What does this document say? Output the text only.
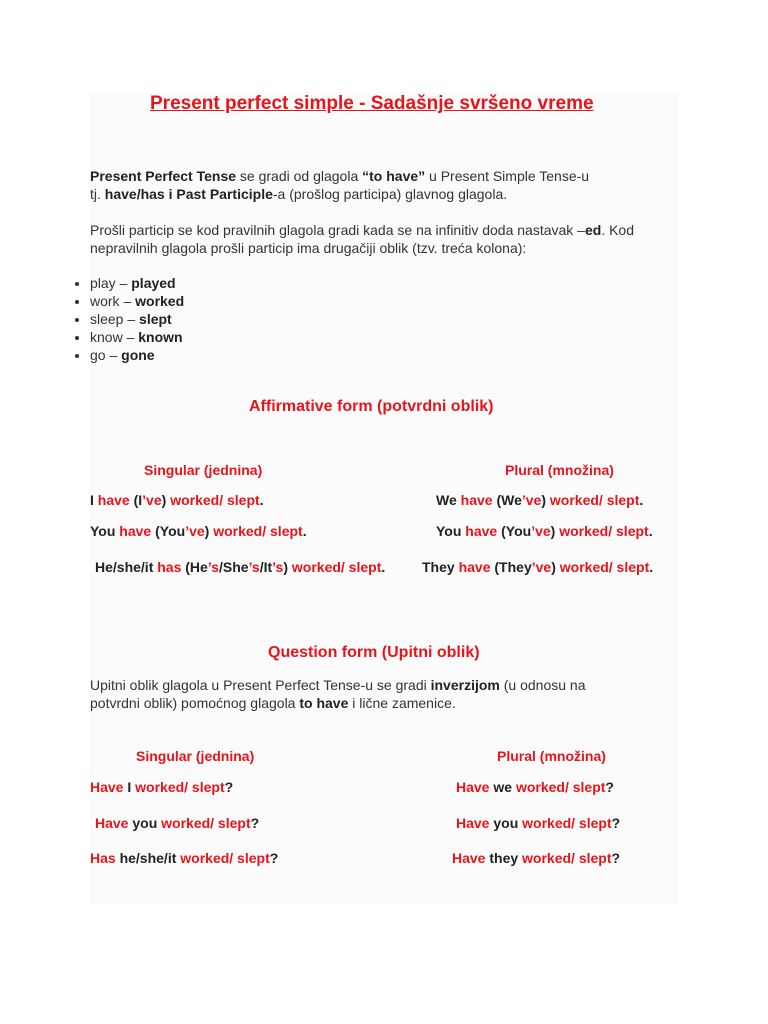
Present perfect simple - Sadašnje svršeno vreme
Present Perfect Tense se gradi od glagola “to have” u Present Simple Tense-u
tj. have/has i Past Participle-a (prošlog participa) glavnog glagola.
Prošli particip se kod pravilnih glagola gradi kada se na infinitiv doda nastavak –ed. Kod
nepravilnih glagola prošli particip ima drugačiji oblik (tzv. treća kolona):
• play – played
• work – worked
• sleep – slept
• know – known
• go – gone
Affirmative form (potvrdni oblik)
Singular (jednina)	Plural (množina)
I have (I’ve) worked/ slept.
You have (You’ve) worked/ slept.
He/she/it has (He’s/She’s/It’s) worked/ slept.
We have (We’ve) worked/ slept.
You have (You’ve) worked/ slept.
They have (They’ve) worked/ slept.
Question form (Upitni oblik)
Upitni oblik glagola u Present Perfect Tense-u se gradi inverzijom (u odnosu na
potvrdni oblik) pomoćnog glagola to have i lične zamenice.
Singular (jednina)	Plural (množina)
Have I worked/ slept?
Have you worked/ slept?
Has he/she/it worked/ slept?
Have we worked/ slept?
Have you worked/ slept?
Have they worked/ slept?
